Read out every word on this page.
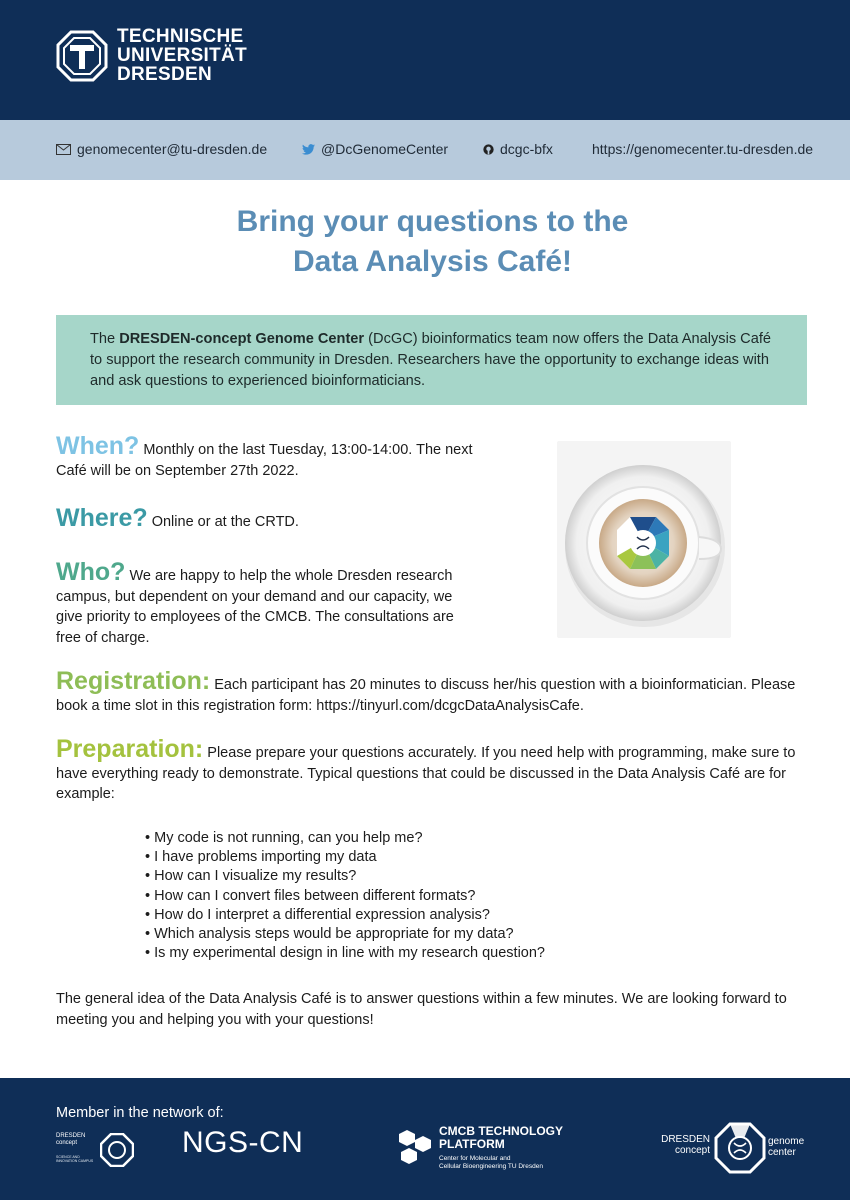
TECHNISCHE
UNIVERSITÄT
DRESDEN
genomecenter@tu-dresden.de	@DcGenomeCenter	dcgc-bfx	https://genomecenter.tu-dresden.de
Bring your questions to the
Data Analysis Café!
The DRESDEN-concept Genome Center (DcGC) bioinformatics team now offers the Data Analysis Café to support the research community in Dresden. Researchers have the opportunity to exchange ideas with and ask questions to experienced bioinformaticians.
When? Monthly on the last Tuesday, 13:00-14:00. The next Café will be on September 27th 2022.
Where? Online or at the CRTD.
Who? We are happy to help the whole Dresden research campus, but dependent on your demand and our capacity, we give priority to employees of the CMCB. The consultations are free of charge.
Registration: Each participant has 20 minutes to discuss her/his question with a bioinformatician. Please book a time slot in this registration form: https://tinyurl.com/dcgcDataAnalysisCafe.
Preparation: Please prepare your questions accurately. If you need help with programming, make sure to have everything ready to demonstrate. Typical questions that could be discussed in the Data Analysis Café are for example:
• My code is not running, can you help me?
• I have problems importing my data
• How can I visualize my results?
• How can I convert files between different formats?
• How do I interpret a differential expression analysis?
• Which analysis steps would be appropriate for my data?
• Is my experimental design in line with my research question?
The general idea of the Data Analysis Café is to answer questions within a few minutes. We are looking forward to meeting you and helping you with your questions!
Member in the network of:
DRESDEN
concept
SCIENCE AND INNOVATION CAMPUS
NGS-CN	CMCB TECHNOLOGY
PLATFORM
Center for Molecular and
Cellular Bioengineering TU Dresden
DRESDEN
concept
genome
center
